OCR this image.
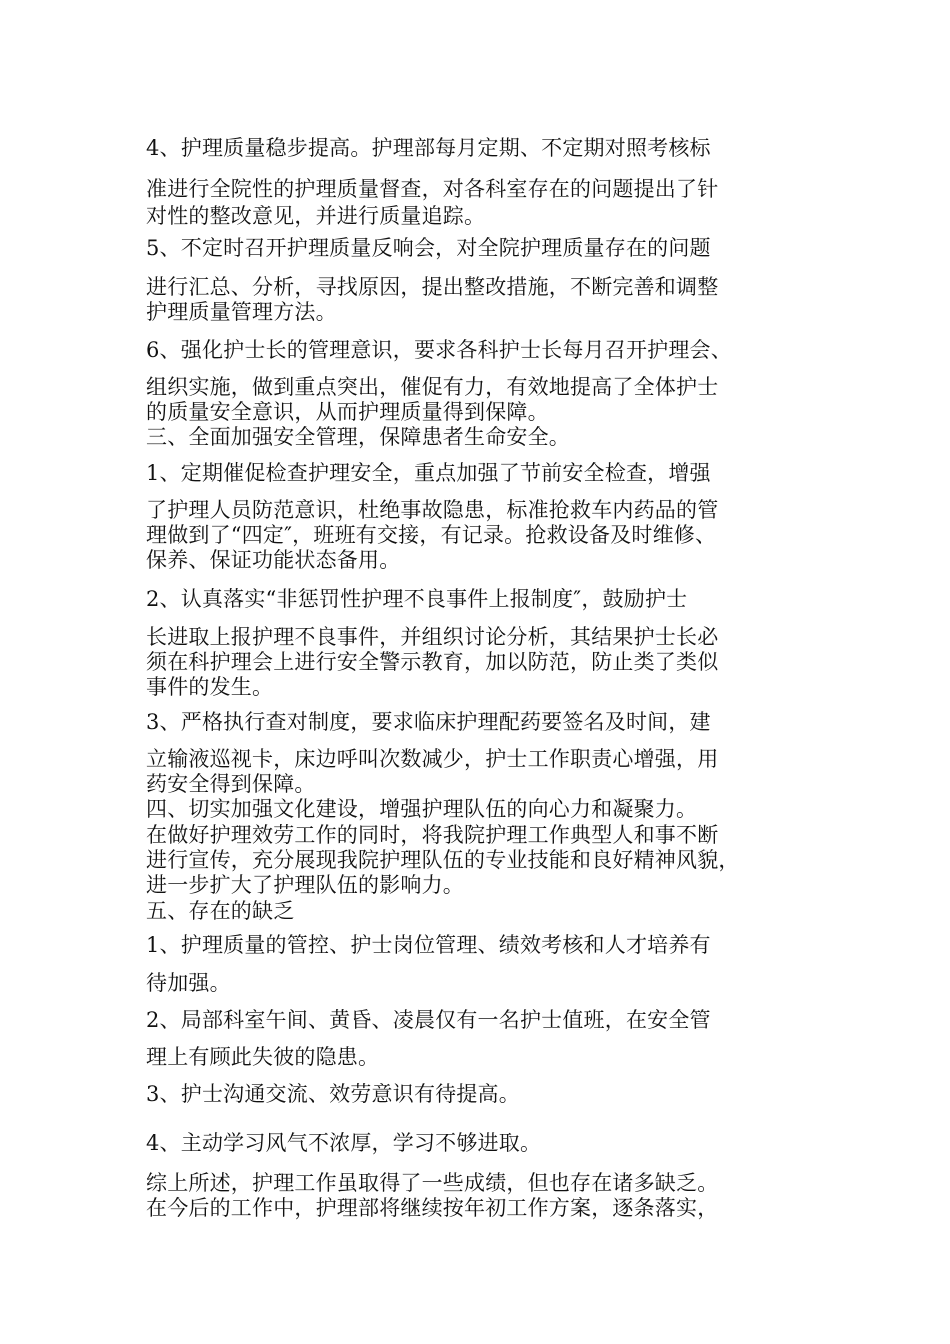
4、护理质量稳步提高。护理部每月定期、不定期对照考核标
准进行全院性的护理质量督查，对各科室存在的问题提出了针
对性的整改意见，并进行质量追踪。
5、不定时召开护理质量反响会，对全院护理质量存在的问题
进行汇总、分析，寻找原因，提出整改措施，不断完善和调整
护理质量管理方法。
6、强化护士长的管理意识，要求各科护士长每月召开护理会、
组织实施，做到重点突出，催促有力，有效地提高了全体护士
的质量安全意识，从而护理质量得到保障。
三、全面加强安全管理，保障患者生命安全。
1、定期催促检查护理安全，重点加强了节前安全检查，增强
了护理人员防范意识，杜绝事故隐患，标准抢救车内药品的管
理做到了“四定″，班班有交接，有记录。抢救设备及时维修、
保养、保证功能状态备用。
2、认真落实“非惩罚性护理不良事件上报制度″，鼓励护士
长进取上报护理不良事件，并组织讨论分析，其结果护士长必
须在科护理会上进行安全警示教育，加以防范，防止类了类似
事件的发生。
3、严格执行查对制度，要求临床护理配药要签名及时间，建
立输液巡视卡，床边呼叫次数减少，护士工作职责心增强，用
药安全得到保障。
四、切实加强文化建设，增强护理队伍的向心力和凝聚力。
在做好护理效劳工作的同时，将我院护理工作典型人和事不断
进行宣传，充分展现我院护理队伍的专业技能和良好精神风貌，
进一步扩大了护理队伍的影响力。
五、存在的缺乏
1、护理质量的管控、护士岗位管理、绩效考核和人才培养有
待加强。
2、局部科室午间、黄昏、凌晨仅有一名护士值班，在安全管
理上有顾此失彼的隐患。
3、护士沟通交流、效劳意识有待提高。
4、主动学习风气不浓厚，学习不够进取。
综上所述，护理工作虽取得了一些成绩，但也存在诸多缺乏。
在今后的工作中，护理部将继续按年初工作方案，逐条落实，
